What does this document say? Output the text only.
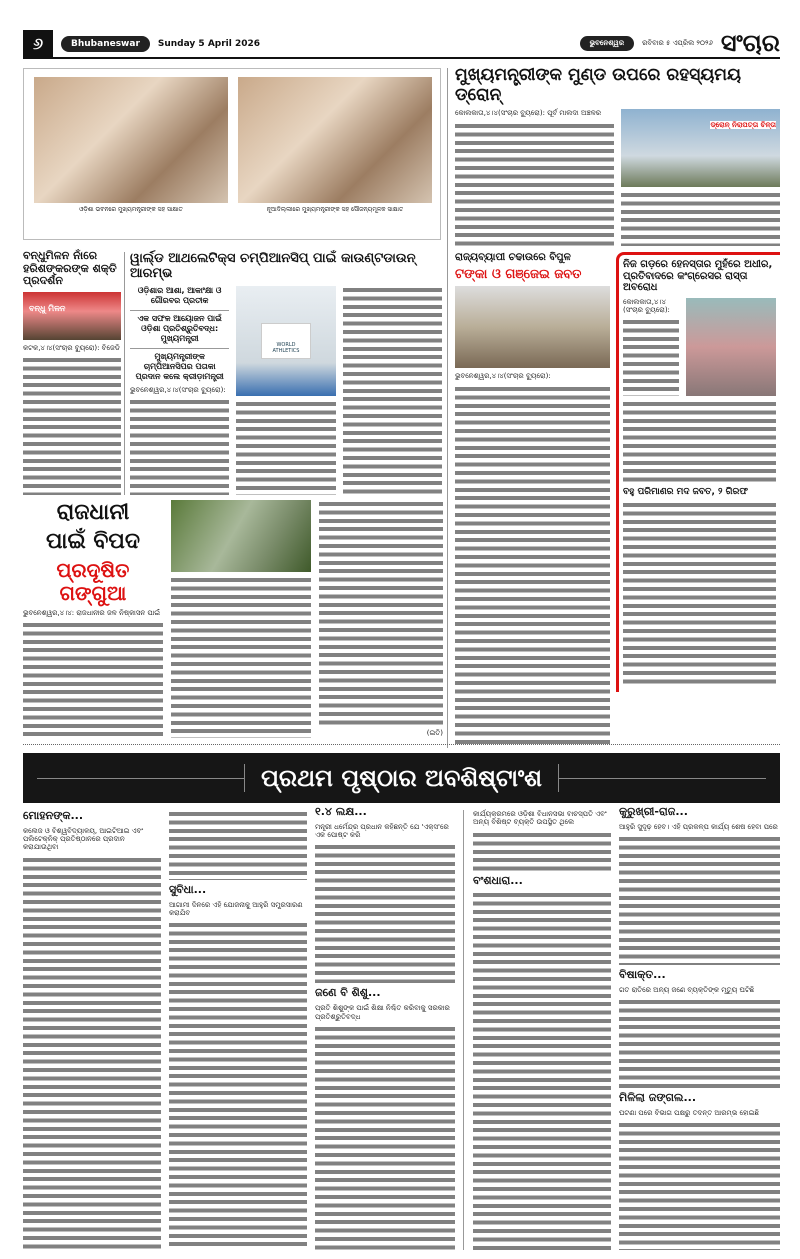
୬	Bhubaneswar	Sunday 5 April 2026	ଭୁବନେଶ୍ୱର	ରବିବାର ୫ ଏପ୍ରିଲ ୨୦୨୬ ସଂଚାର
ଓଡ଼ିଶା ଭବନରେ ମୁଖ୍ୟମନ୍ତ୍ରୀଙ୍କ ସହ ସାକ୍ଷାତ	ନୂଆଦିଲ୍ଲୀରେ ମୁଖ୍ୟମନ୍ତ୍ରୀଙ୍କ ସହ ସୌଜନ୍ୟମୂଳକ ସାକ୍ଷାତ
ମୁଖ୍ୟମନ୍ତ୍ରୀଙ୍କ ମୁଣ୍ଡ ଉପରେ ରହସ୍ୟମୟ ଡ୍ରୋନ୍
କୋଲକାତା,୪।୪(ସଂଚାର ବ୍ୟୁରୋ): ପୂର୍ବ ମାଲଦା ଅଞ୍ଚଳର
ଡ୍ରୋନ୍ ନିରାପତ୍ତା ଚିନ୍ତା
ବନ୍ଧୁମିଳନ ନାଁରେ ହରିଶଙ୍କରଙ୍କ ଶକ୍ତି ପ୍ରଦର୍ଶନ
ବନ୍ଧୁ ମିଳନ
କଟକ,୪।୪(ସଂଚାର ବ୍ୟୁରୋ): ବିଜେଡି
ୱାର୍ଲ୍ଡ ଆଥଲେଟିକ୍ସ ଚମ୍ପିଆନସିପ୍ ପାଇଁ କାଉଣ୍ଟଡାଉନ୍ ଆରମ୍ଭ
ଓଡ଼ିଶାର ଆଶା, ଆକାଂକ୍ଷା ଓ ଗୌରବର ପ୍ରତୀକ
ଏକ ସଫଳ ଆୟୋଜନ ପାଇଁ ଓଡ଼ିଶା ପ୍ରତିଶ୍ରୁତିବଦ୍ଧ: ମୁଖ୍ୟମନ୍ତ୍ରୀ
ମୁଖ୍ୟମନ୍ତ୍ରୀଙ୍କ ଚାମ୍ପିଆନସିପର ପତାକା ପ୍ରଦାନ କଲେ କ୍ରୀଡ଼ାମନ୍ତ୍ରୀ
ଭୁବନେଶ୍ୱର,୪।୪(ସଂଚାର ବ୍ୟୁରୋ):
WORLD ATHLETICS
ରାଜ୍ୟବ୍ୟାପୀ ଚଢାଉରେ ବିପୁଳ
ଟଙ୍କା ଓ ଗଞ୍ଜେଇ ଜବତ
ଭୁବନେଶ୍ୱର,୪।୪(ସଂଚାର ବ୍ୟୁରୋ):
ନିଜ ଗଡ଼ରେ ହେନସ୍ତାର ମୁହଁରେ ଅଧୀର, ପ୍ରତିବାଦରେ କଂଗ୍ରେସର ରାସ୍ତା ଅବରୋଧ
କୋଲକାତା,୪।୪ (ସଂଚାର ବ୍ୟୁରୋ):
ବହୁ ପରିମାଣର ମଦ ଜବତ, ୨ ଗିରଫ
ରାଜଧାନୀ
ପାଇଁ ବିପଦ
ପ୍ରଦୂଷିତ ଗଙ୍ଗୁଆ
ଭୁବନେଶ୍ୱର,୪।୪: ରାଜଧାନୀର ଜଳ ନିଷ୍କାସନ ପାଇଁ
(ଇତି)
ପ୍ରଥମ ପୃଷ୍ଠାର ଅବଶିଷ୍ଟାଂଶ
ମୋହନଙ୍କ...
କଲେଜ ଓ ବିଶ୍ୱବିଦ୍ୟାଳୟ, ଆଇଟିଆଇ ଏବଂ ପଲିଟେକ୍ନିକ୍ ପ୍ରତିଷ୍ଠାନରେ ପ୍ରଦାନ କରାଯାଉଥିବା
ସୁବିଧା...
ଆଗାମୀ ଦିନରେ ଏହି ଯୋଜନାକୁ ଆହୁରି ସମ୍ପ୍ରସାରଣ କରାଯିବ
୧.୪ ଲକ୍ଷ...
ମନ୍ତ୍ରୀ ଧର୍ମେନ୍ଦ୍ର ପ୍ରଧାନ କହିଛନ୍ତି ଯେ 'ଏକ୍ସ'ରେ ଏକ ପୋଷ୍ଟ କରି
ଜଣେ ବି ଶିଶୁ...
ପ୍ରତି ଶିଶୁଙ୍କ ପାଇଁ ଶିକ୍ଷା ନିଶ୍ଚିତ କରିବାକୁ ସରକାର ପ୍ରତିଶ୍ରୁତିବଦ୍ଧ
କାର୍ଯ୍ୟକ୍ରମରେ ଓଡ଼ିଶା ବିଧାନସଭା ବାଚସ୍ପତି ଏବଂ ଅନ୍ୟ ବିଶିଷ୍ଟ ବ୍ୟକ୍ତି ଉପସ୍ଥିତ ଥିଲେ
ବଂଶଧାରା...
କୁରୁଖ୍ରୀ-ରାଜ...
ଆହୁରି ସୁଦୃଢ଼ ହେବ। ଏହି ପ୍ରକଳ୍ପ କାର୍ଯ୍ୟ ଶେଷ ହେବା ପରେ
ବିଷାକ୍ତ...
ଗତ ରାତିରେ ଅନ୍ୟ ଜଣେ ବ୍ୟକ୍ତିଙ୍କ ମୃତ୍ୟୁ ଘଟିଛି
ମିଳିଲା ଜଙ୍ଗଲ...
ଘଟଣା ପରେ ବିଭାଗ ପକ୍ଷରୁ ତଦନ୍ତ ଆରମ୍ଭ ହୋଇଛି
